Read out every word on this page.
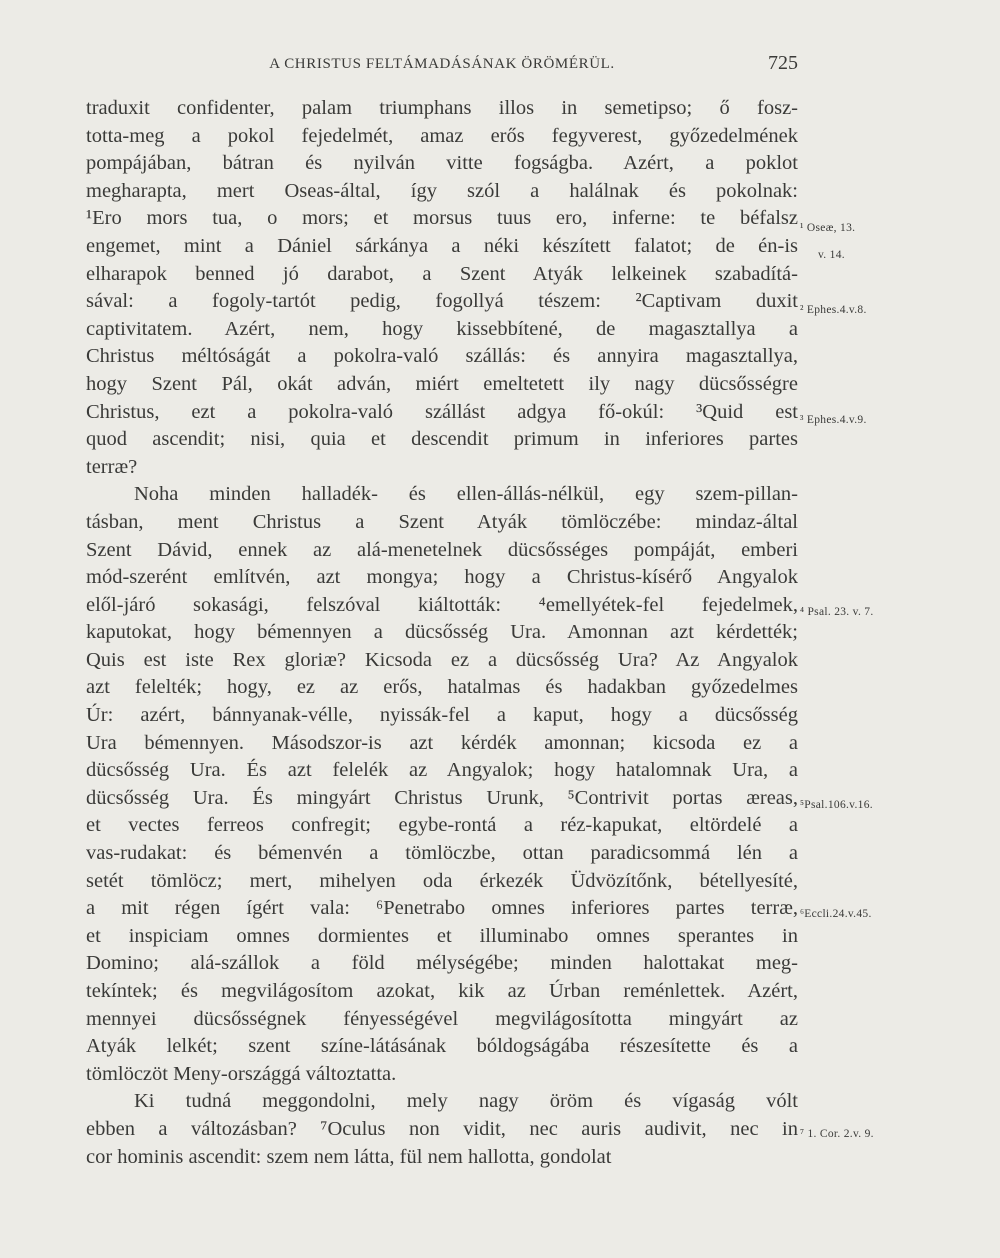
A CHRISTUS FELTÁMADÁSÁNAK ÖRÖMÉRÜL.	725
traduxit confidenter, palam triumphans illos in semetipso; ő fosz-
totta-meg a pokol fejedelmét, amaz erős fegyverest, győzedelmének
pompájában, bátran és nyilván vitte fogságba. Azért, a poklot
megharapta, mert Oseas-által, így szól a halálnak és pokolnak:
¹Ero mors tua, o mors; et morsus tuus ero, inferne: te béfalsz
engemet, mint a Dániel sárkánya a néki készített falatot; de én-is
elharapok benned jó darabot, a Szent Atyák lelkeinek szabadítá-
sával: a fogoly-tartót pedig, fogollyá tészem: ²Captivam duxit
captivitatem. Azért, nem, hogy kissebbítené, de magasztallya a
Christus méltóságát a pokolra-való szállás: és annyira magasztallya,
hogy Szent Pál, okát adván, miért emeltetett ily nagy dücsősségre
Christus, ezt a pokolra-való szállást adgya fő-okúl: ³Quid est
quod ascendit; nisi, quia et descendit primum in inferiores partes
terræ?
Noha minden halladék- és ellen-állás-nélkül, egy szem-pillan-
tásban, ment Christus a Szent Atyák tömlöczébe: mindaz-által
Szent Dávid, ennek az alá-menetelnek dücsősséges pompáját, emberi
mód-szerént említvén, azt mongya; hogy a Christus-kísérő Angyalok
elől-járó sokasági, felszóval kiáltották: ⁴emellyétek-fel fejedelmek,
kaputokat, hogy bémennyen a dücsősség Ura. Amonnan azt kérdették;
Quis est iste Rex gloriæ? Kicsoda ez a dücsősség Ura? Az Angyalok
azt felelték; hogy, ez az erős, hatalmas és hadakban győzedelmes
Úr: azért, bánnyanak-vélle, nyissák-fel a kaput, hogy a dücsősség
Ura bémennyen. Másodszor-is azt kérdék amonnan; kicsoda ez a
dücsősség Ura. És azt felelék az Angyalok; hogy hatalomnak Ura, a
dücsősség Ura. És mingyárt Christus Urunk, ⁵Contrivit portas æreas,
et vectes ferreos confregit; egybe-rontá a réz-kapukat, eltördelé a
vas-rudakat: és bémenvén a tömlöczbe, ottan paradicsommá lén a
setét tömlöcz; mert, mihelyen oda érkezék Üdvözítőnk, bétellyesíté,
a mit régen ígért vala: ⁶Penetrabo omnes inferiores partes terræ,
et inspiciam omnes dormientes et illuminabo omnes sperantes in
Domino; alá-szállok a föld mélységébe; minden halottakat meg-
tekíntek; és megvilágosítom azokat, kik az Úrban reménlettek. Azért,
mennyei dücsősségnek fényességével megvilágosította mingyárt az
Atyák lelkét; szent színe-látásának bóldogságába részesítette és a
tömlöczöt Meny-országgá változtatta.
Ki tudná meggondolni, mely nagy öröm és vígaság vólt
ebben a változásban? ⁷Oculus non vidit, nec auris audivit, nec in
cor hominis ascendit: szem nem látta, fül nem hallotta, gondolat
¹ Oseæ, 13.
v. 14.
² Ephes.4.v.8.
³ Ephes.4.v.9.
⁴ Psal. 23. v. 7.
⁵Psal.106.v.16.
⁶Eccli.24.v.45.
⁷ 1. Cor. 2.v. 9.
